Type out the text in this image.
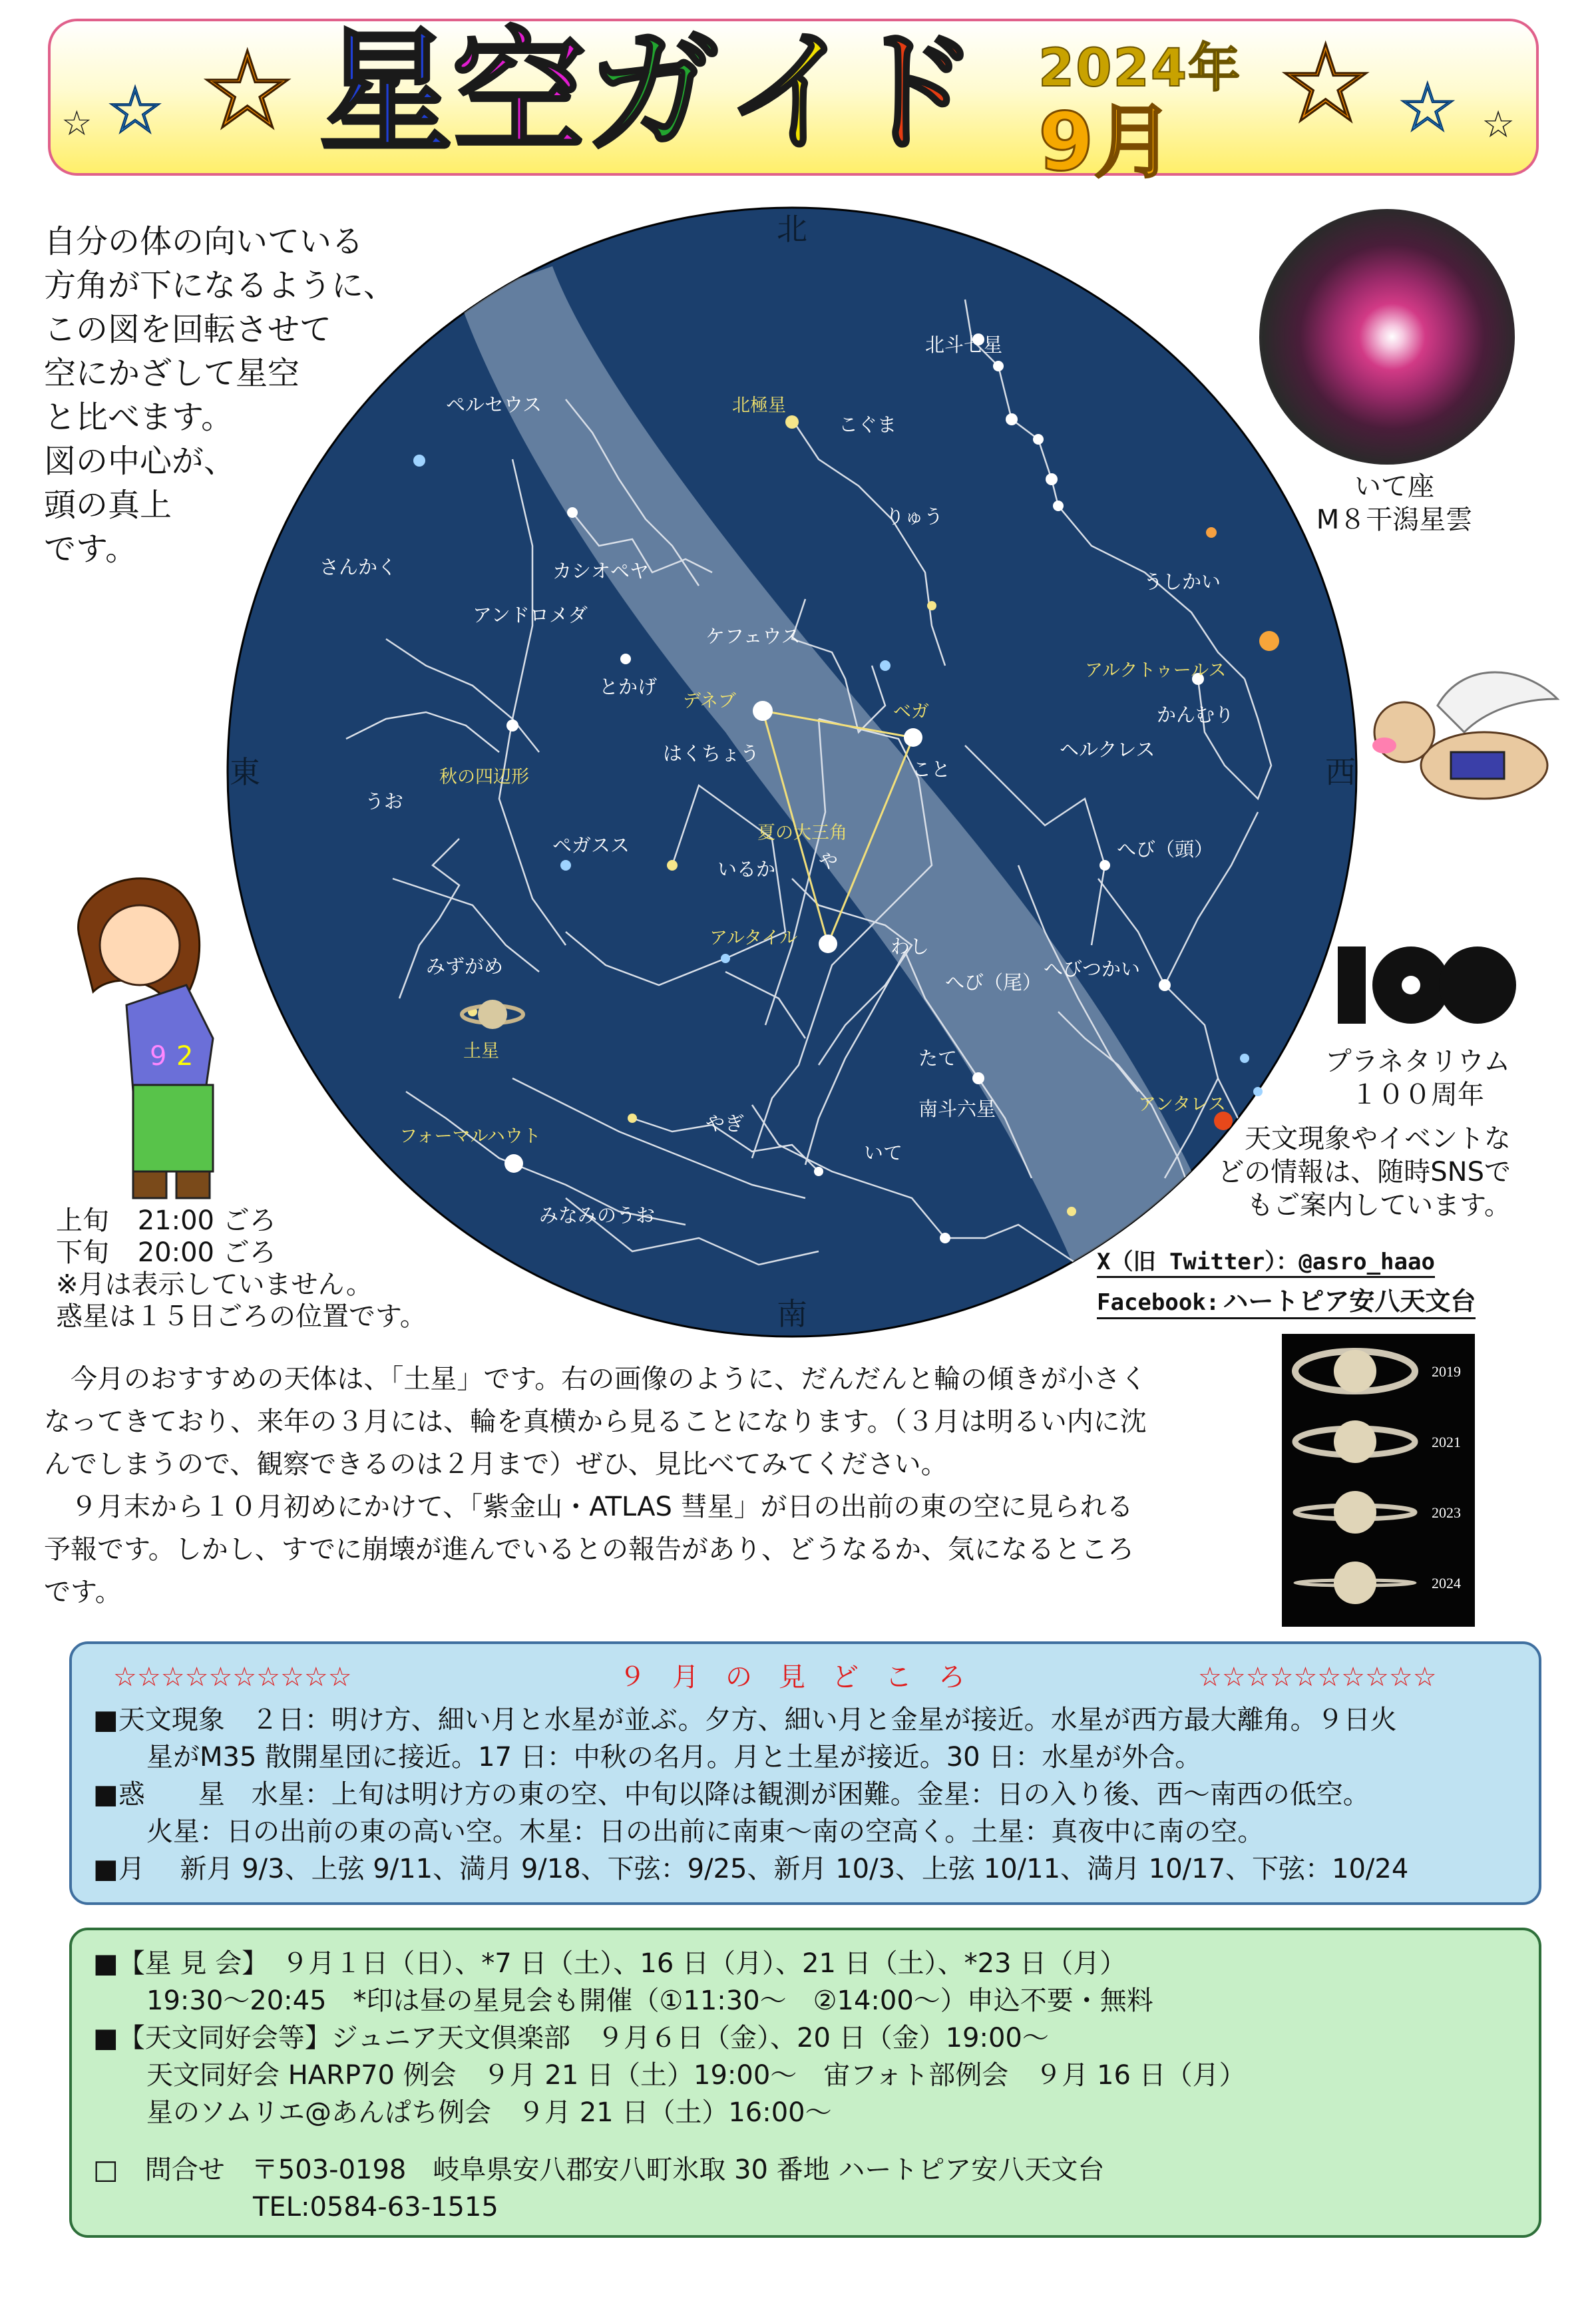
☆ ☆ ☆	☆ ☆ ☆
星 空 ガ イ
ド 2024年
9月
自分の体の向いている
方角が下になるように、
この図を回転させて
空にかざして星空
と比べます。
図の中心が、
頭の真上
です。
いて座
M８干潟星雲
北
南
東	西
北斗七星
北極星
こぐま
ペルセウス
りゅう
さんかく	カシオペヤ	うしかい
アンドロメダ
ケフェウス
アルクトゥールス
とかげ
デネブ
ベガ	かんむり
秋の四辺形
はくちょう
こと
ヘルクレス
うお
夏の大三角
ペガスス
や
へび（頭）
いるか
アルタイル	わし
みずがめ
へび（尾）
へびつかい
土星	たて
南斗六星	アンタレス
やぎ
フォーマルハウト
いて
みなみのうお
9 2	プラネタリウム
１００周年
天文現象やイベントな
どの情報は、随時SNSで
もご案内しています。
X（旧 Twitter）：@asro_haao
Facebook: ハートピア安八天文台
上旬 21:00 ごろ
下旬 20:00 ごろ
※月は表示していません。
惑星は１５日ごろの位置です。
　今月のおすすめの天体は、「土星」です。右の画像のように、だんだんと輪の傾きが小さく
なってきており、来年の３月には、輪を真横から見ることになります。（３月は明るい内に沈
んでしまうので、観察できるのは２月まで）ぜひ、見比べてみてください。
　９月末から１０月初めにかけて、「紫金山・ATLAS 彗星」が日の出前の東の空に見られる
予報です。しかし、すでに崩壊が進んでいるとの報告があり、どうなるか、気になるところ
です。
2019
2021
2023
2024
☆☆☆☆☆☆☆☆☆☆	９　月　の　見　ど　こ　ろ	☆☆☆☆☆☆☆☆☆☆
■天文現象　２日：明け方、細い月と水星が並ぶ。夕方、細い月と金星が接近。水星が西方最大離角。９日火
　　星がM35 散開星団に接近。17 日：中秋の名月。月と土星が接近。30 日：水星が外合。
■惑　　星　水星：上旬は明け方の東の空、中旬以降は観測が困難。金星：日の入り後、西～南西の低空。
　　火星：日の出前の東の高い空。木星：日の出前に南東～南の空高く。土星：真夜中に南の空。
■月　 新月 9/3、上弦 9/11、満月 9/18、下弦：9/25、新月 10/3、上弦 10/11、満月 10/17、下弦：10/24
■【星 見 会】　９月１日（日）、*7 日（土）、16 日（月）、21 日（土）、*23 日（月）
　　19:30～20:45　*印は昼の星見会も開催（①11:30～　②14:00～）申込不要・無料
■【天文同好会等】ジュニア天文倶楽部　９月６日（金）、20 日（金）19:00～
　　天文同好会 HARP70 例会　９月 21 日（土）19:00～　宙フォト部例会　９月 16 日（月）
　　星のソムリエ@あんぱち例会　９月 21 日（土）16:00～
□　問合せ　〒503-0198　岐阜県安八郡安八町氷取 30 番地 ハートピア安八天文台
　　　　　　TEL:0584-63-1515
